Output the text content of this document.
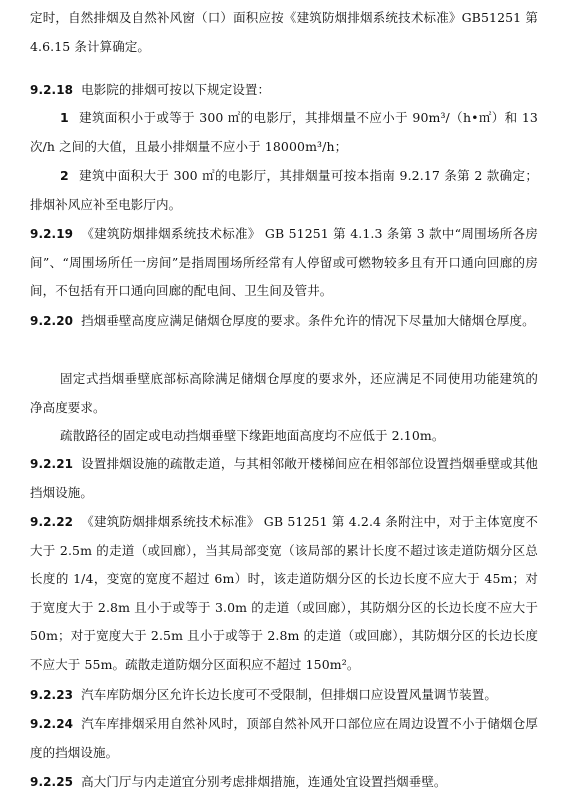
定时，自然排烟及自然补风窗（口）面积应按《建筑防烟排烟系统技术标准》GB51251 第 4.6.15 条计算确定。

9.2.18 电影院的排烟可按以下规定设置：

1 建筑面积小于或等于 300 ㎡的电影厅，其排烟量不应小于 90m³/（h•㎡）和 13 次/h 之间的大值，且最小排烟量不应小于 18000m³/h；

2 建筑中面积大于 300 ㎡的电影厅，其排烟量可按本指南 9.2.17 条第 2 款确定；排烟补风应补至电影厅内。

9.2.19 《建筑防烟排烟系统技术标准》 GB 51251 第 4.1.3 条第 3 款中“周围场所各房间”、“周围场所任一房间”是指周围场所经常有人停留或可燃物较多且有开口通向回廊的房间，不包括有开口通向回廊的配电间、卫生间及管井。

9.2.20 挡烟垂壁高度应满足储烟仓厚度的要求。条件允许的情况下尽量加大储烟仓厚度。

固定式挡烟垂壁底部标高除满足储烟仓厚度的要求外，还应满足不同使用功能建筑的净高度要求。

疏散路径的固定或电动挡烟垂壁下缘距地面高度均不应低于 2.10m。

9.2.21 设置排烟设施的疏散走道，与其相邻敞开楼梯间应在相邻部位设置挡烟垂壁或其他挡烟设施。

9.2.22 《建筑防烟排烟系统技术标准》 GB 51251 第 4.2.4 条附注中，对于主体宽度不大于 2.5m 的走道（或回廊），当其局部变宽（该局部的累计长度不超过该走道防烟分区总长度的 1/4，变宽的宽度不超过 6m）时，该走道防烟分区的长边长度不应大于 45m；对于宽度大于 2.8m 且小于或等于 3.0m 的走道（或回廊），其防烟分区的长边长度不应大于 50m；对于宽度大于 2.5m 且小于或等于 2.8m 的走道（或回廊），其防烟分区的长边长度不应大于 55m。疏散走道防烟分区面积应不超过 150m²。

9.2.23 汽车库防烟分区允许长边长度可不受限制，但排烟口应设置风量调节装置。

9.2.24 汽车库排烟采用自然补风时，顶部自然补风开口部位应在周边设置不小于储烟仓厚度的挡烟设施。

9.2.25 高大门厅与内走道宜分别考虑排烟措施，连通处宜设置挡烟垂壁。
